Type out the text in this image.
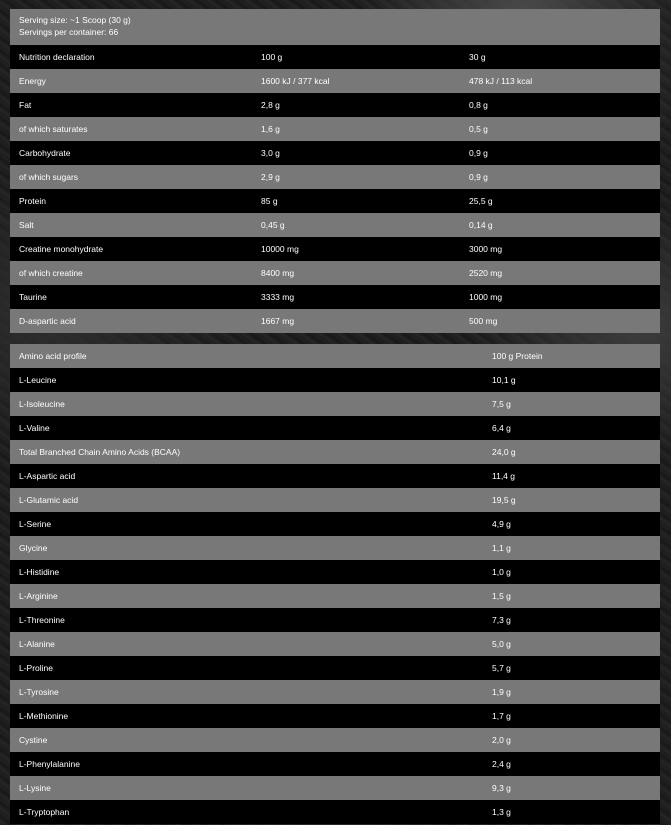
Serving size: ~1 Scoop (30 g)
Servings per container: 66
Nutrition declaration	100 g	30 g
Energy	1600 kJ / 377 kcal	478 kJ / 113 kcal
Fat	2,8 g	0,8 g
of which saturates	1,6 g	0,5 g
Carbohydrate	3,0 g	0,9 g
of which sugars	2,9 g	0,9 g
Protein	85 g	25,5 g
Salt	0,45 g	0,14 g
Creatine monohydrate	10000 mg	3000 mg
of which creatine	8400 mg	2520 mg
Taurine	3333 mg	1000 mg
D-aspartic acid	1667 mg	500 mg
Amino acid profile	100 g Protein
L-Leucine	10,1 g
L-Isoleucine	7,5 g
L-Valine	6,4 g
Total Branched Chain Amino Acids (BCAA)	24,0 g
L-Aspartic acid	11,4 g
L-Glutamic acid	19,5 g
L-Serine	4,9 g
Glycine	1,1 g
L-Histidine	1,0 g
L-Arginine	1,5 g
L-Threonine	7,3 g
L-Alanine	5,0 g
L-Proline	5,7 g
L-Tyrosine	1,9 g
L-Methionine	1,7 g
Cystine	2,0 g
L-Phenylalanine	2,4 g
L-Lysine	9,3 g
L-Tryptophan	1,3 g
